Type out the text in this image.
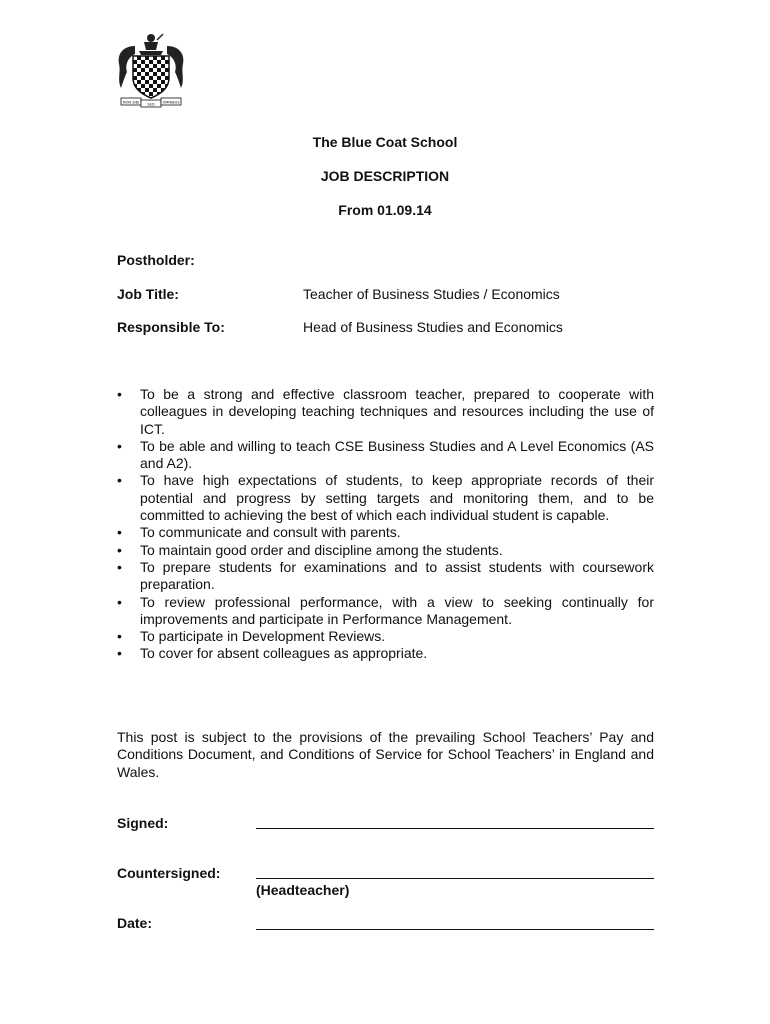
NON SIBI SED OMNIBUS
The Blue Coat School
JOB DESCRIPTION
From 01.09.14
Postholder:
Job Title:	Teacher of Business Studies / Economics
Responsible To:	Head of Business Studies and Economics
• To be a strong and effective classroom teacher, prepared to cooperate with colleagues in developing teaching techniques and resources including the use of ICT.
• To be able and willing to teach CSE Business Studies and A Level Economics (AS and A2).
• To have high expectations of students, to keep appropriate records of their potential and progress by setting targets and monitoring them, and to be committed to achieving the best of which each individual student is capable.
• To communicate and consult with parents.
• To maintain good order and discipline among the students.
• To prepare students for examinations and to assist students with coursework preparation.
• To review professional performance, with a view to seeking continually for improvements and participate in Performance Management.
• To participate in Development Reviews.
• To cover for absent colleagues as appropriate.

This post is subject to the provisions of the prevailing School Teachers’ Pay and Conditions Document, and Conditions of Service for School Teachers’ in England and Wales.

Signed:
Countersigned:
(Headteacher)
Date:
